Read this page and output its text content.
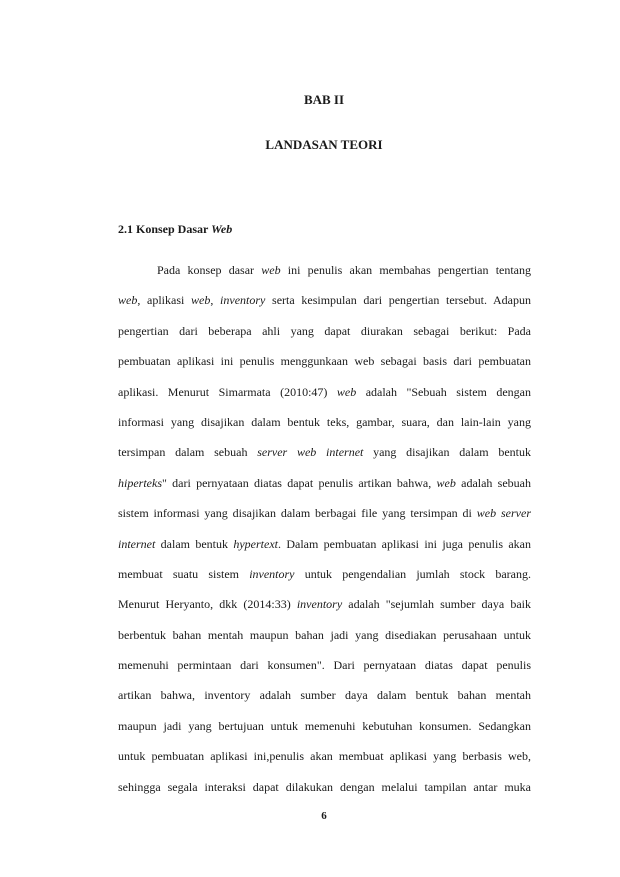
BAB II
LANDASAN TEORI
2.1 Konsep Dasar Web
Pada konsep dasar web ini penulis akan membahas pengertian tentang
web, aplikasi web, inventory serta kesimpulan dari pengertian tersebut. Adapun
pengertian dari beberapa ahli yang dapat diurakan sebagai berikut: Pada
pembuatan aplikasi ini penulis menggunkaan web sebagai basis dari pembuatan
aplikasi. Menurut Simarmata (2010:47) web adalah "Sebuah sistem dengan
informasi yang disajikan dalam bentuk teks, gambar, suara, dan lain-lain yang
tersimpan dalam sebuah server web internet yang disajikan dalam bentuk
hiperteks" dari pernyataan diatas dapat penulis artikan bahwa, web adalah sebuah
sistem informasi yang disajikan dalam berbagai file yang tersimpan di web server
internet dalam bentuk hypertext. Dalam pembuatan aplikasi ini juga penulis akan
membuat suatu sistem inventory untuk pengendalian jumlah stock barang.
Menurut Heryanto, dkk (2014:33) inventory adalah "sejumlah sumber daya baik
berbentuk bahan mentah maupun bahan jadi yang disediakan perusahaan untuk
memenuhi permintaan dari konsumen". Dari pernyataan diatas dapat penulis
artikan bahwa, inventory adalah sumber daya dalam bentuk bahan mentah
maupun jadi yang bertujuan untuk memenuhi kebutuhan konsumen. Sedangkan
untuk pembuatan aplikasi ini,penulis akan membuat aplikasi yang berbasis web,
sehingga segala interaksi dapat dilakukan dengan melalui tampilan antar muka
6
